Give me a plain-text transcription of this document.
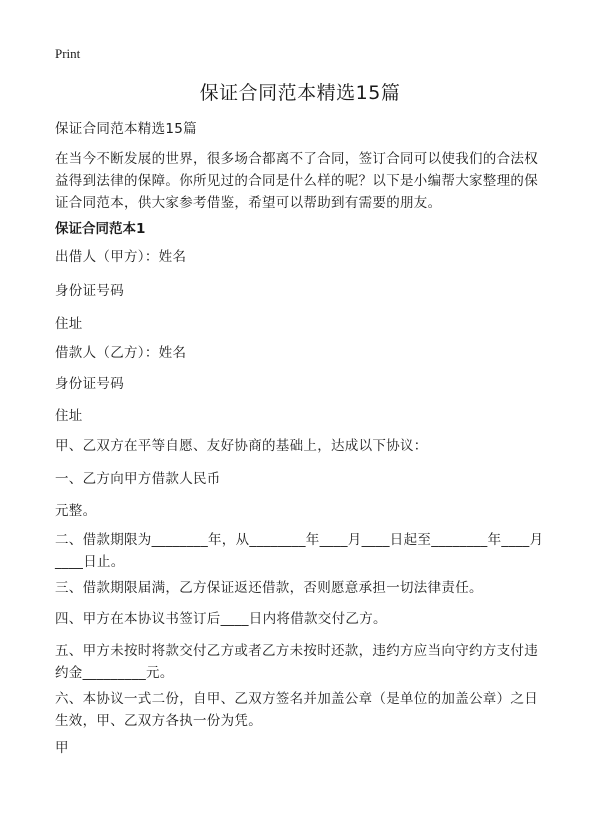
Print
保证合同范本精选15篇

保证合同范本精选15篇

在当今不断发展的世界，很多场合都离不了合同，签订合同可以使我们的合法权益得到法律的保障。你所见过的合同是什么样的呢？以下是小编帮大家整理的保证合同范本，供大家参考借鉴，希望可以帮助到有需要的朋友。

保证合同范本1

出借人（甲方）：姓名

身份证号码

住址

借款人（乙方）：姓名

身份证号码

住址

甲、乙双方在平等自愿、友好协商的基础上，达成以下协议：

一、乙方向甲方借款人民币

元整。

二、借款期限为________年，从________年____月____日起至________年____月____日止。

三、借款期限届满，乙方保证返还借款，否则愿意承担一切法律责任。

四、甲方在本协议书签订后____日内将借款交付乙方。

五、甲方未按时将款交付乙方或者乙方未按时还款，违约方应当向守约方支付违约金_________元。

六、本协议一式二份，自甲、乙双方签名并加盖公章（是单位的加盖公章）之日生效，甲、乙双方各执一份为凭。

甲
